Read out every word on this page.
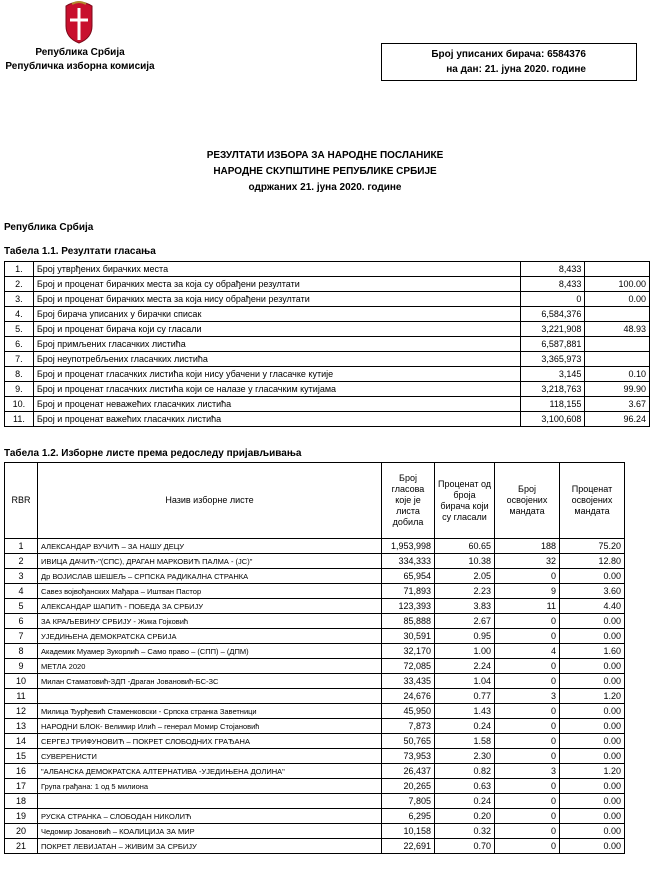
Република Србија
Републичка изборна комисија
Број уписаних бирача: 6584376
на дан: 21. јуна 2020. године
РЕЗУЛТАТИ ИЗБОРА ЗА НАРОДНЕ ПОСЛАНИКЕ
НАРОДНЕ СКУПШТИНЕ РЕПУБЛИКЕ СРБИЈЕ
одржаних 21. јуна 2020. године
Република Србија
Табела 1.1. Резултати гласања
1.	Број утврђених бирачких места	8,433	
2.	Број и проценат бирачких места за која су обрађени резултати	8,433	100.00
3.	Број и проценат бирачких места за која нису обрађени резултати	0	0.00
4.	Број бирача уписаних у бирачки списак	6,584,376	
5.	Број и проценат бирача који су гласали	3,221,908	48.93
6.	Број примљених гласачких листића	6,587,881	
7.	Број неупотребљених гласачких листића	3,365,973	
8.	Број и проценат гласачких листића који нису убачени у гласачке кутије	3,145	0.10
9.	Број и проценат гласачких листића који се налазе у гласачким кутијама	3,218,763	99.90
10.	Број и проценат неважећих гласачких листића	118,155	3.67
11.	Број и проценат важећих гласачких листића	3,100,608	96.24
Табела 1.2. Изборне листе према редоследу пријављивања
RBR	Назив изборне листе	Број гласова које је листа добила	Проценат од броја бирача који су гласали	Број освојених мандата	Проценат освојених мандата
1	АЛЕКСАНДАР ВУЧИЋ – ЗА НАШУ ДЕЦУ	1,953,998	60.65	188	75.20
2	ИВИЦА ДАЧИЋ-"(СПС), ДРАГАН МАРКОВИЋ ПАЛМА - (ЈС)"	334,333	10.38	32	12.80
3	Др ВОЈИСЛАВ ШЕШЕЉ – СРПСКА РАДИКАЛНА СТРАНКА	65,954	2.05	0	0.00
4	Савез војвођанских Мађара – Иштван Пастор	71,893	2.23	9	3.60
5	АЛЕКСАНДАР ШАПИЋ - ПОБЕДА ЗА СРБИЈУ	123,393	3.83	11	4.40
6	ЗА КРАЉЕВИНУ СРБИЈУ - Жика Гојковић	85,888	2.67	0	0.00
7	УЈЕДИЊЕНА ДЕМОКРАТСКА СРБИЈА	30,591	0.95	0	0.00
8	Академик Муамер Зукорлић – Само право – (СПП) – (ДПМ)	32,170	1.00	4	1.60
9	МЕТЛА 2020	72,085	2.24	0	0.00
10	Милан Стаматовић-ЗДП -Драган Јовановић-БС-ЗС	33,435	1.04	0	0.00
11		24,676	0.77	3	1.20
12	Милица Ђурђевић Стаменковски - Српска странка Заветници	45,950	1.43	0	0.00
13	НАРОДНИ БЛОК- Велимир Илић – генерал Момир Стојановић	7,873	0.24	0	0.00
14	СЕРГЕЈ ТРИФУНОВИЋ – ПОКРЕТ СЛОБОДНИХ ГРАЂАНА	50,765	1.58	0	0.00
15	СУВЕРЕНИСТИ	73,953	2.30	0	0.00
16	"АЛБАНСКА ДЕМОКРАТСКА АЛТЕРНАТИВА -УЈЕДИЊЕНА ДОЛИНА"	26,437	0.82	3	1.20
17	Група грађана: 1 од 5 милиона	20,265	0.63	0	0.00
18		7,805	0.24	0	0.00
19	РУСКА СТРАНКА – СЛОБОДАН НИКОЛИЋ	6,295	0.20	0	0.00
20	Чедомир Јовановић – КОАЛИЦИЈА ЗА МИР	10,158	0.32	0	0.00
21	ПОКРЕТ ЛЕВИЈАТАН – ЖИВИМ ЗА СРБИЈУ	22,691	0.70	0	0.00
